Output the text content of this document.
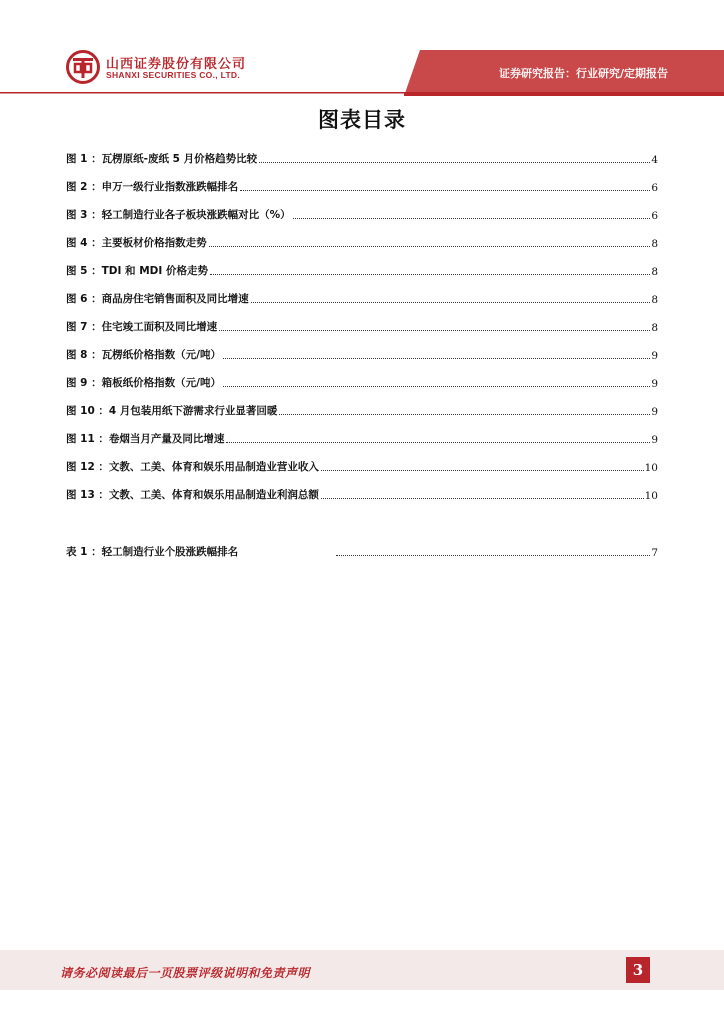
山西证券股份有限公司
SHANXI SECURITIES CO., LTD.	证券研究报告：行业研究/定期报告
图表目录
图 1 ：瓦楞原纸-废纸 5 月价格趋势比较	4
图 2 ：申万一级行业指数涨跌幅排名	6
图 3 ：轻工制造行业各子板块涨跌幅对比（%）	6
图 4 ：主要板材价格指数走势	8
图 5 ：TDI 和 MDI 价格走势	8
图 6 ：商品房住宅销售面积及同比增速	8
图 7 ：住宅竣工面积及同比增速	8
图 8 ：瓦楞纸价格指数（元/吨）	9
图 9 ：箱板纸价格指数（元/吨）	9
图 10 ：4 月包装用纸下游需求行业显著回暖	9
图 11 ：卷烟当月产量及同比增速	9
图 12 ：文教、工美、体育和娱乐用品制造业营业收入	10
图 13 ：文教、工美、体育和娱乐用品制造业利润总额	10
表 1 ：轻工制造行业个股涨跌幅排名	7
请务必阅读最后一页股票评级说明和免责声明	3
